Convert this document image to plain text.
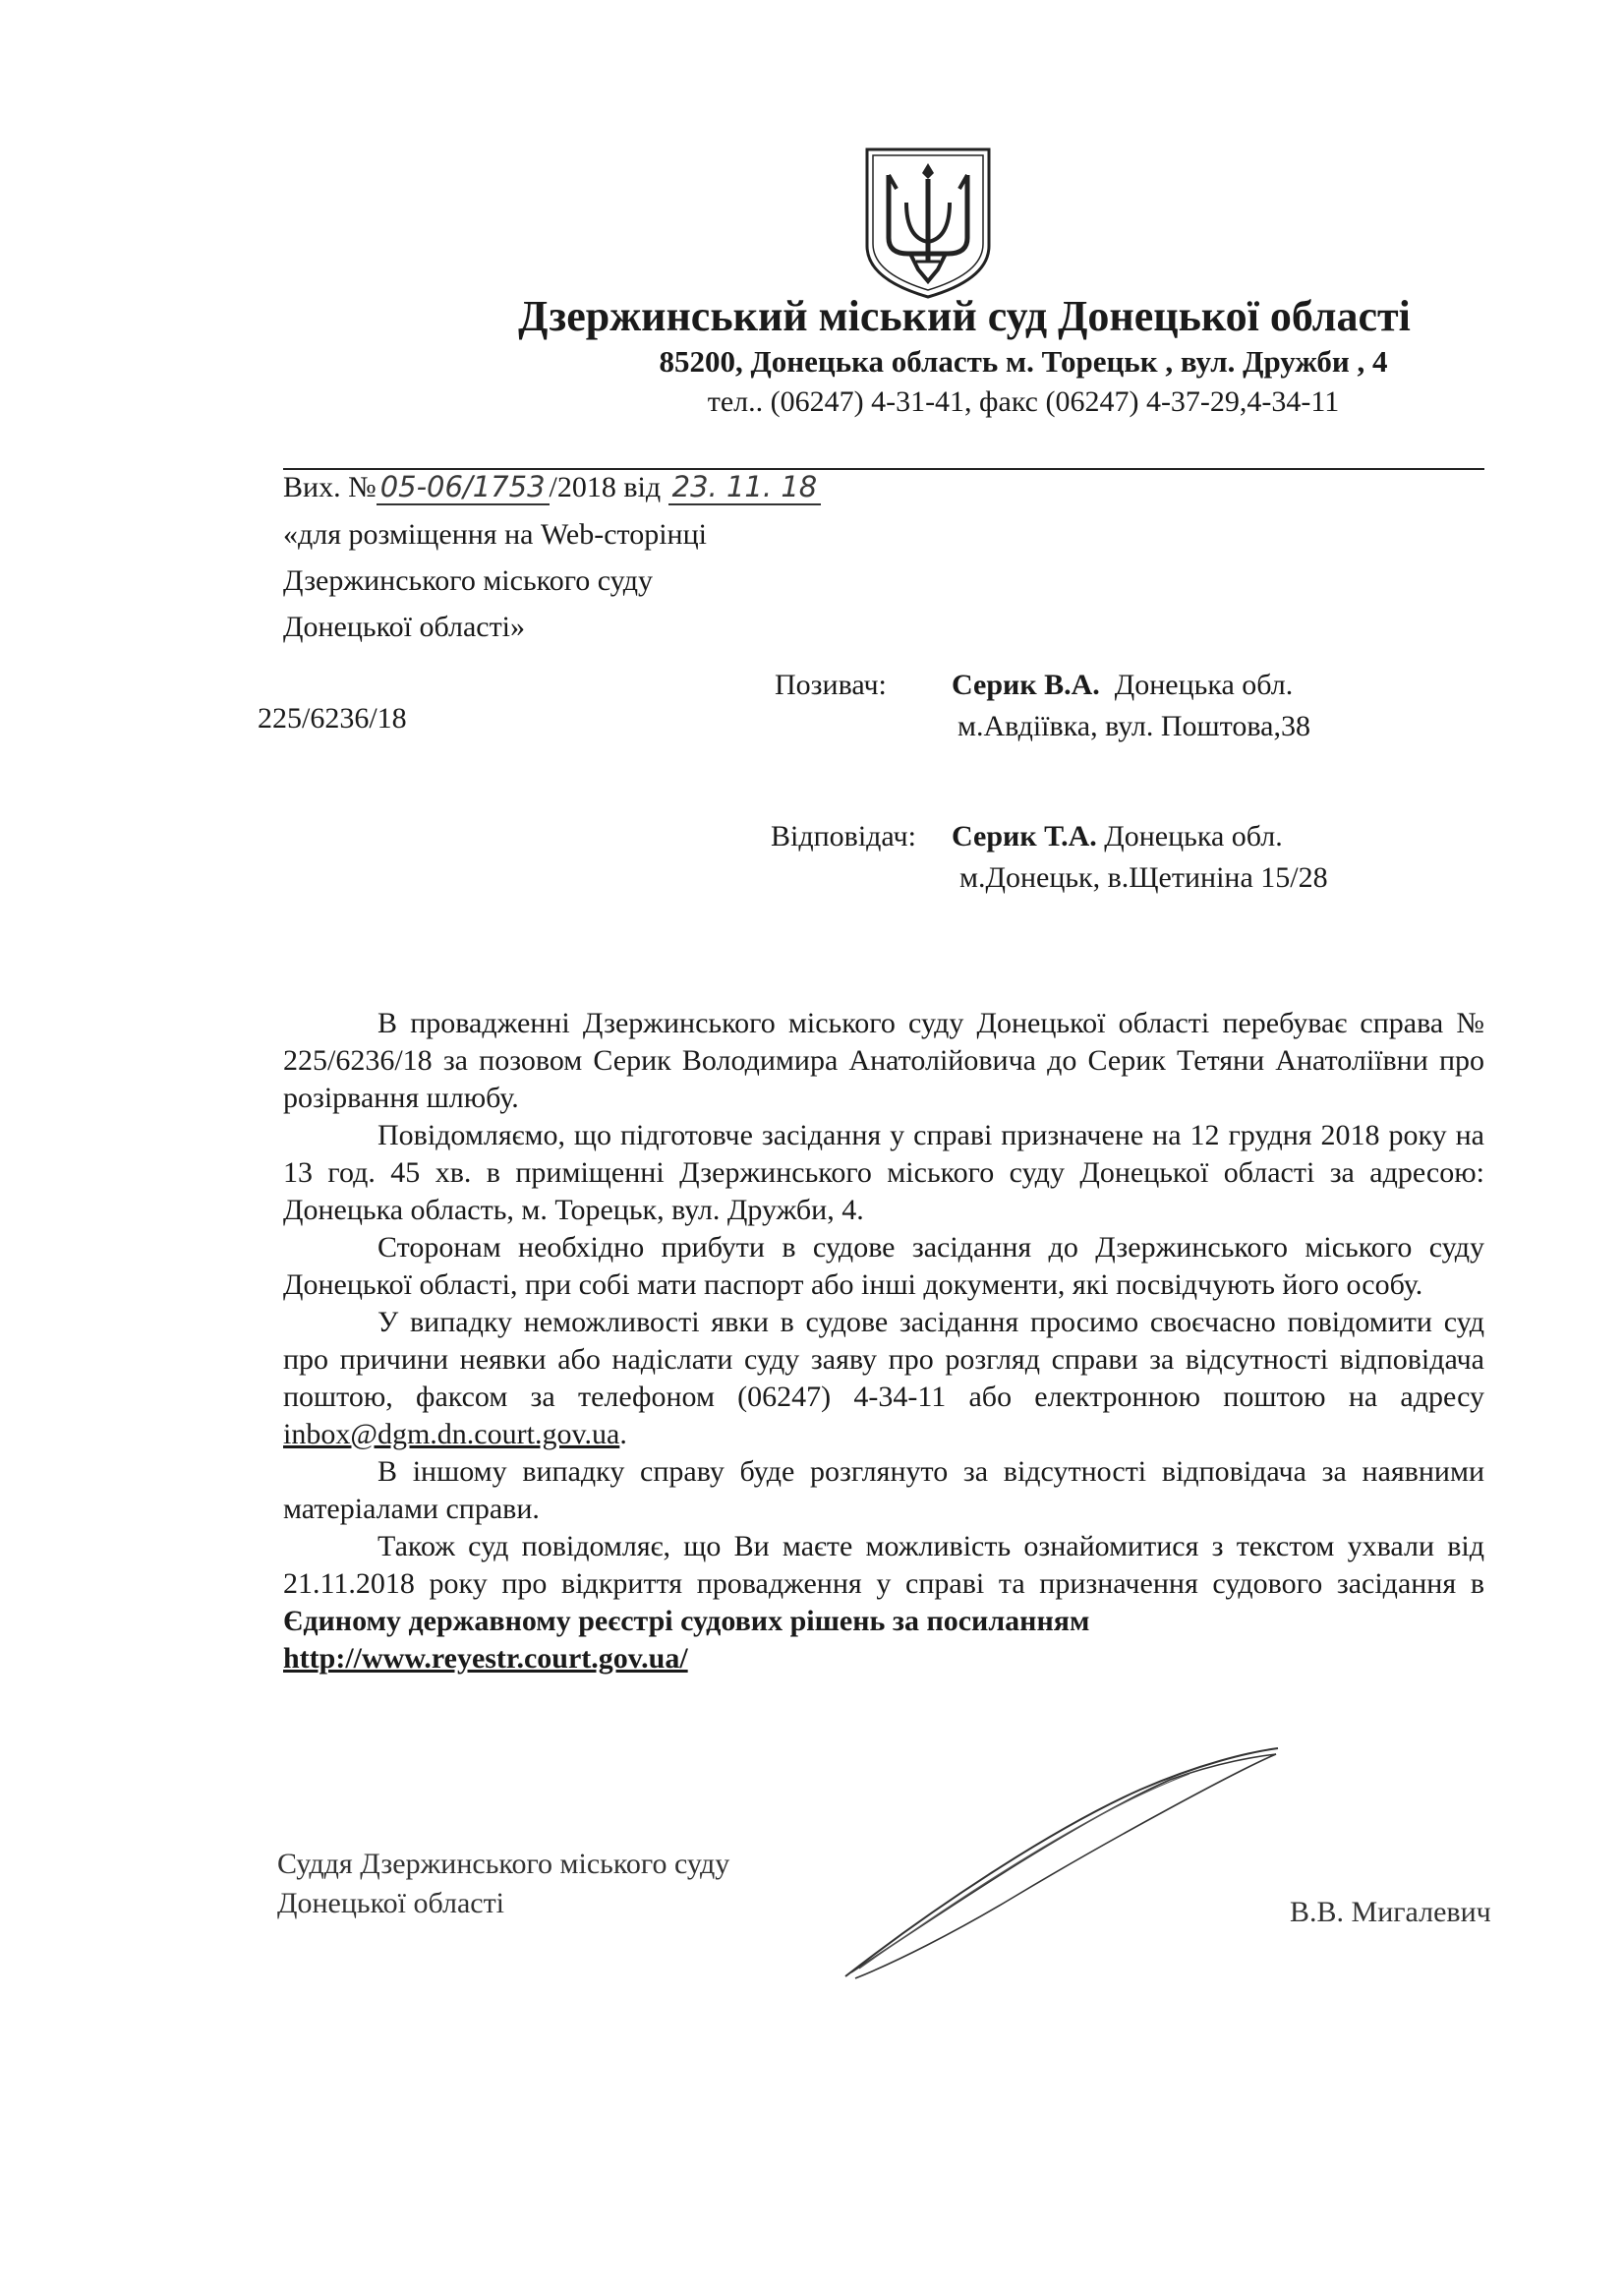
Дзержинський міський суд Донецької області
85200, Донецька область м. Торецьк , вул. Дружби , 4
тел.. (06247) 4-31-41, факс (06247) 4-37-29,4-34-11
Вих. № 05-06/1753 /2018 від 23. 11. 18
«для розміщення на Web-сторінці
Дзержинського міського суду
Донецької області»
225/6236/18
Позивач: Серик В.А. Донецька обл.
м.Авдіївка, вул. Поштова,38
Відповідач: Серик Т.А. Донецька обл.
м.Донецьк, в.Щетиніна 15/28

В провадженні Дзержинського міського суду Донецької області перебуває справа № 225/6236/18 за позовом Серик Володимира Анатолійовича до Серик Тетяни Анатоліївни про розірвання шлюбу.

Повідомляємо, що підготовче засідання у справі призначене на 12 грудня 2018 року на 13 год. 45 хв. в приміщенні Дзержинського міського суду Донецької області за адресою: Донецька область, м. Торецьк, вул. Дружби, 4.

Сторонам необхідно прибути в судове засідання до Дзержинського міського суду Донецької області, при собі мати паспорт або інші документи, які посвідчують його особу.

У випадку неможливості явки в судове засідання просимо своєчасно повідомити суд про причини неявки або надіслати суду заяву про розгляд справи за відсутності відповідача поштою, факсом за телефоном (06247) 4-34-11 або електронною поштою на адресу inbox@dgm.dn.court.gov.ua.

В іншому випадку справу буде розглянуто за відсутності відповідача за наявними матеріалами справи.

Також суд повідомляє, що Ви маєте можливість ознайомитися з текстом ухвали від 21.11.2018 року про відкриття провадження у справі та призначення судового засідання в Єдиному державному реєстрі судових рішень за посиланням

http://www.reyestr.court.gov.ua/

Суддя Дзержинського міського суду
Донецької області	В.В. Мигалевич
